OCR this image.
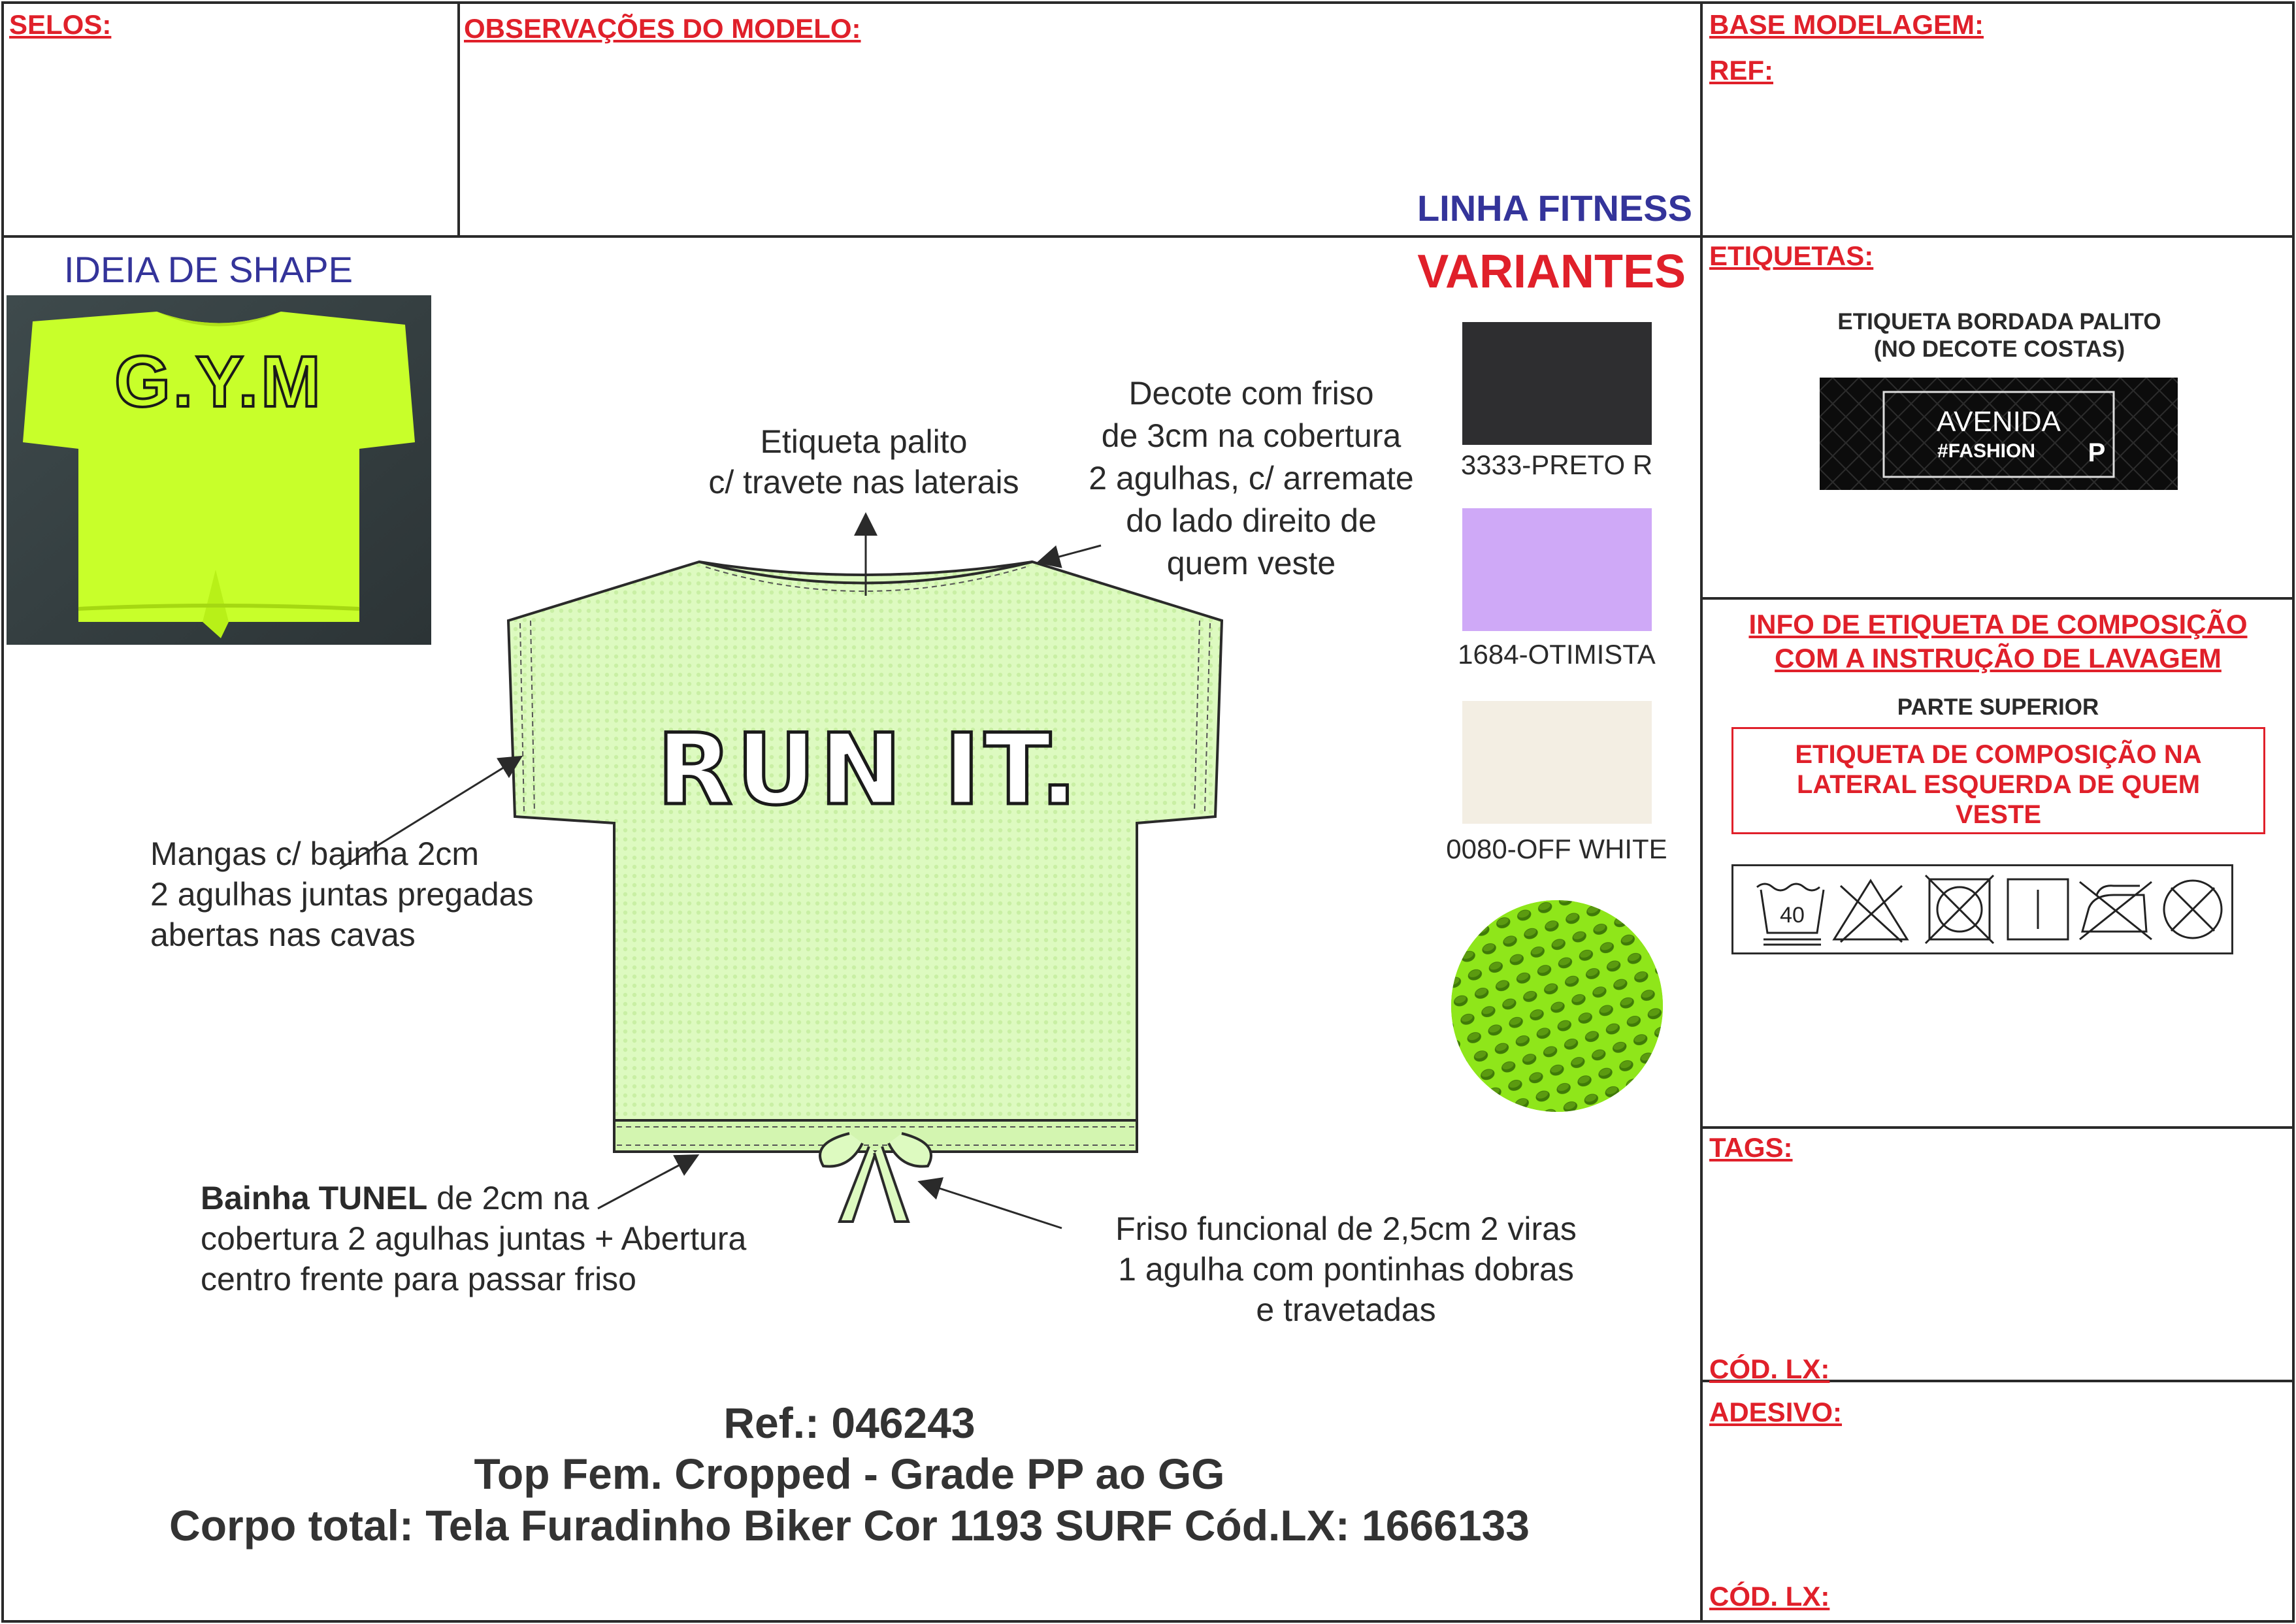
SELOS:	OBSERVAÇÕES DO MODELO:
LINHA FITNESS
BASE MODELAGEM:
REF:
IDEIA DE SHAPE
G.Y.M
RUN IT.
Etiqueta palito
c/ travete nas laterais
Decote com friso
de 3cm na cobertura
2 agulhas, c/ arremate
do lado direito de
quem veste
Mangas c/ bainha 2cm
2 agulhas juntas pregadas
abertas nas cavas
Bainha TUNEL de 2cm na
cobertura 2 agulhas juntas + Abertura
centro frente para passar friso
Friso funcional de 2,5cm 2 viras
1 agulha com pontinhas dobras
e travetadas
VARIANTES
3333-PRETO R
1684-OTIMISTA
0080-OFF WHITE
Ref.: 046243
Top Fem. Cropped - Grade PP ao GG
Corpo total: Tela Furadinho Biker Cor 1193 SURF Cód.LX: 1666133
ETIQUETAS:
ETIQUETA BORDADA PALITO
(NO DECOTE COSTAS)
AVENIDA
#FASHION P
INFO DE ETIQUETA DE COMPOSIÇÃO
COM A INSTRUÇÃO DE LAVAGEM
PARTE SUPERIOR
ETIQUETA DE COMPOSIÇÃO NA
LATERAL ESQUERDA DE QUEM
VESTE
40
TAGS:
CÓD. LX:
ADESIVO:
CÓD. LX:
